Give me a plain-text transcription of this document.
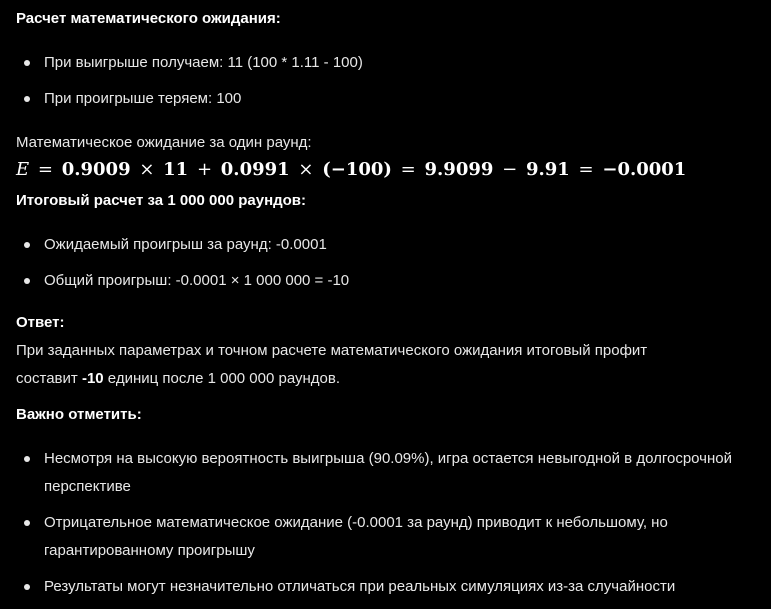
Расчет математического ожидания:

При выигрыше получаем: 11 (100 * 1.11 - 100)
При проигрыше теряем: 100

Математическое ожидание за один раунд:

E = 0.9009 × 11 + 0.0991 × (−100) = 9.9099 − 9.91 = −0.0001

Итоговый расчет за 1 000 000 раундов:

Ожидаемый проигрыш за раунд: -0.0001
Общий проигрыш: -0.0001 × 1 000 000 = -10

Ответ:

При заданных параметрах и точном расчете математического ожидания итоговый профит
составит -10 единиц после 1 000 000 раундов.

Важно отметить:

Несмотря на высокую вероятность выигрыша (90.09%), игра остается невыгодной в долгосрочной перспективе
Отрицательное математическое ожидание (-0.0001 за раунд) приводит к небольшому, но гарантированному проигрышу
Результаты могут незначительно отличаться при реальных симуляциях из-за случайности
